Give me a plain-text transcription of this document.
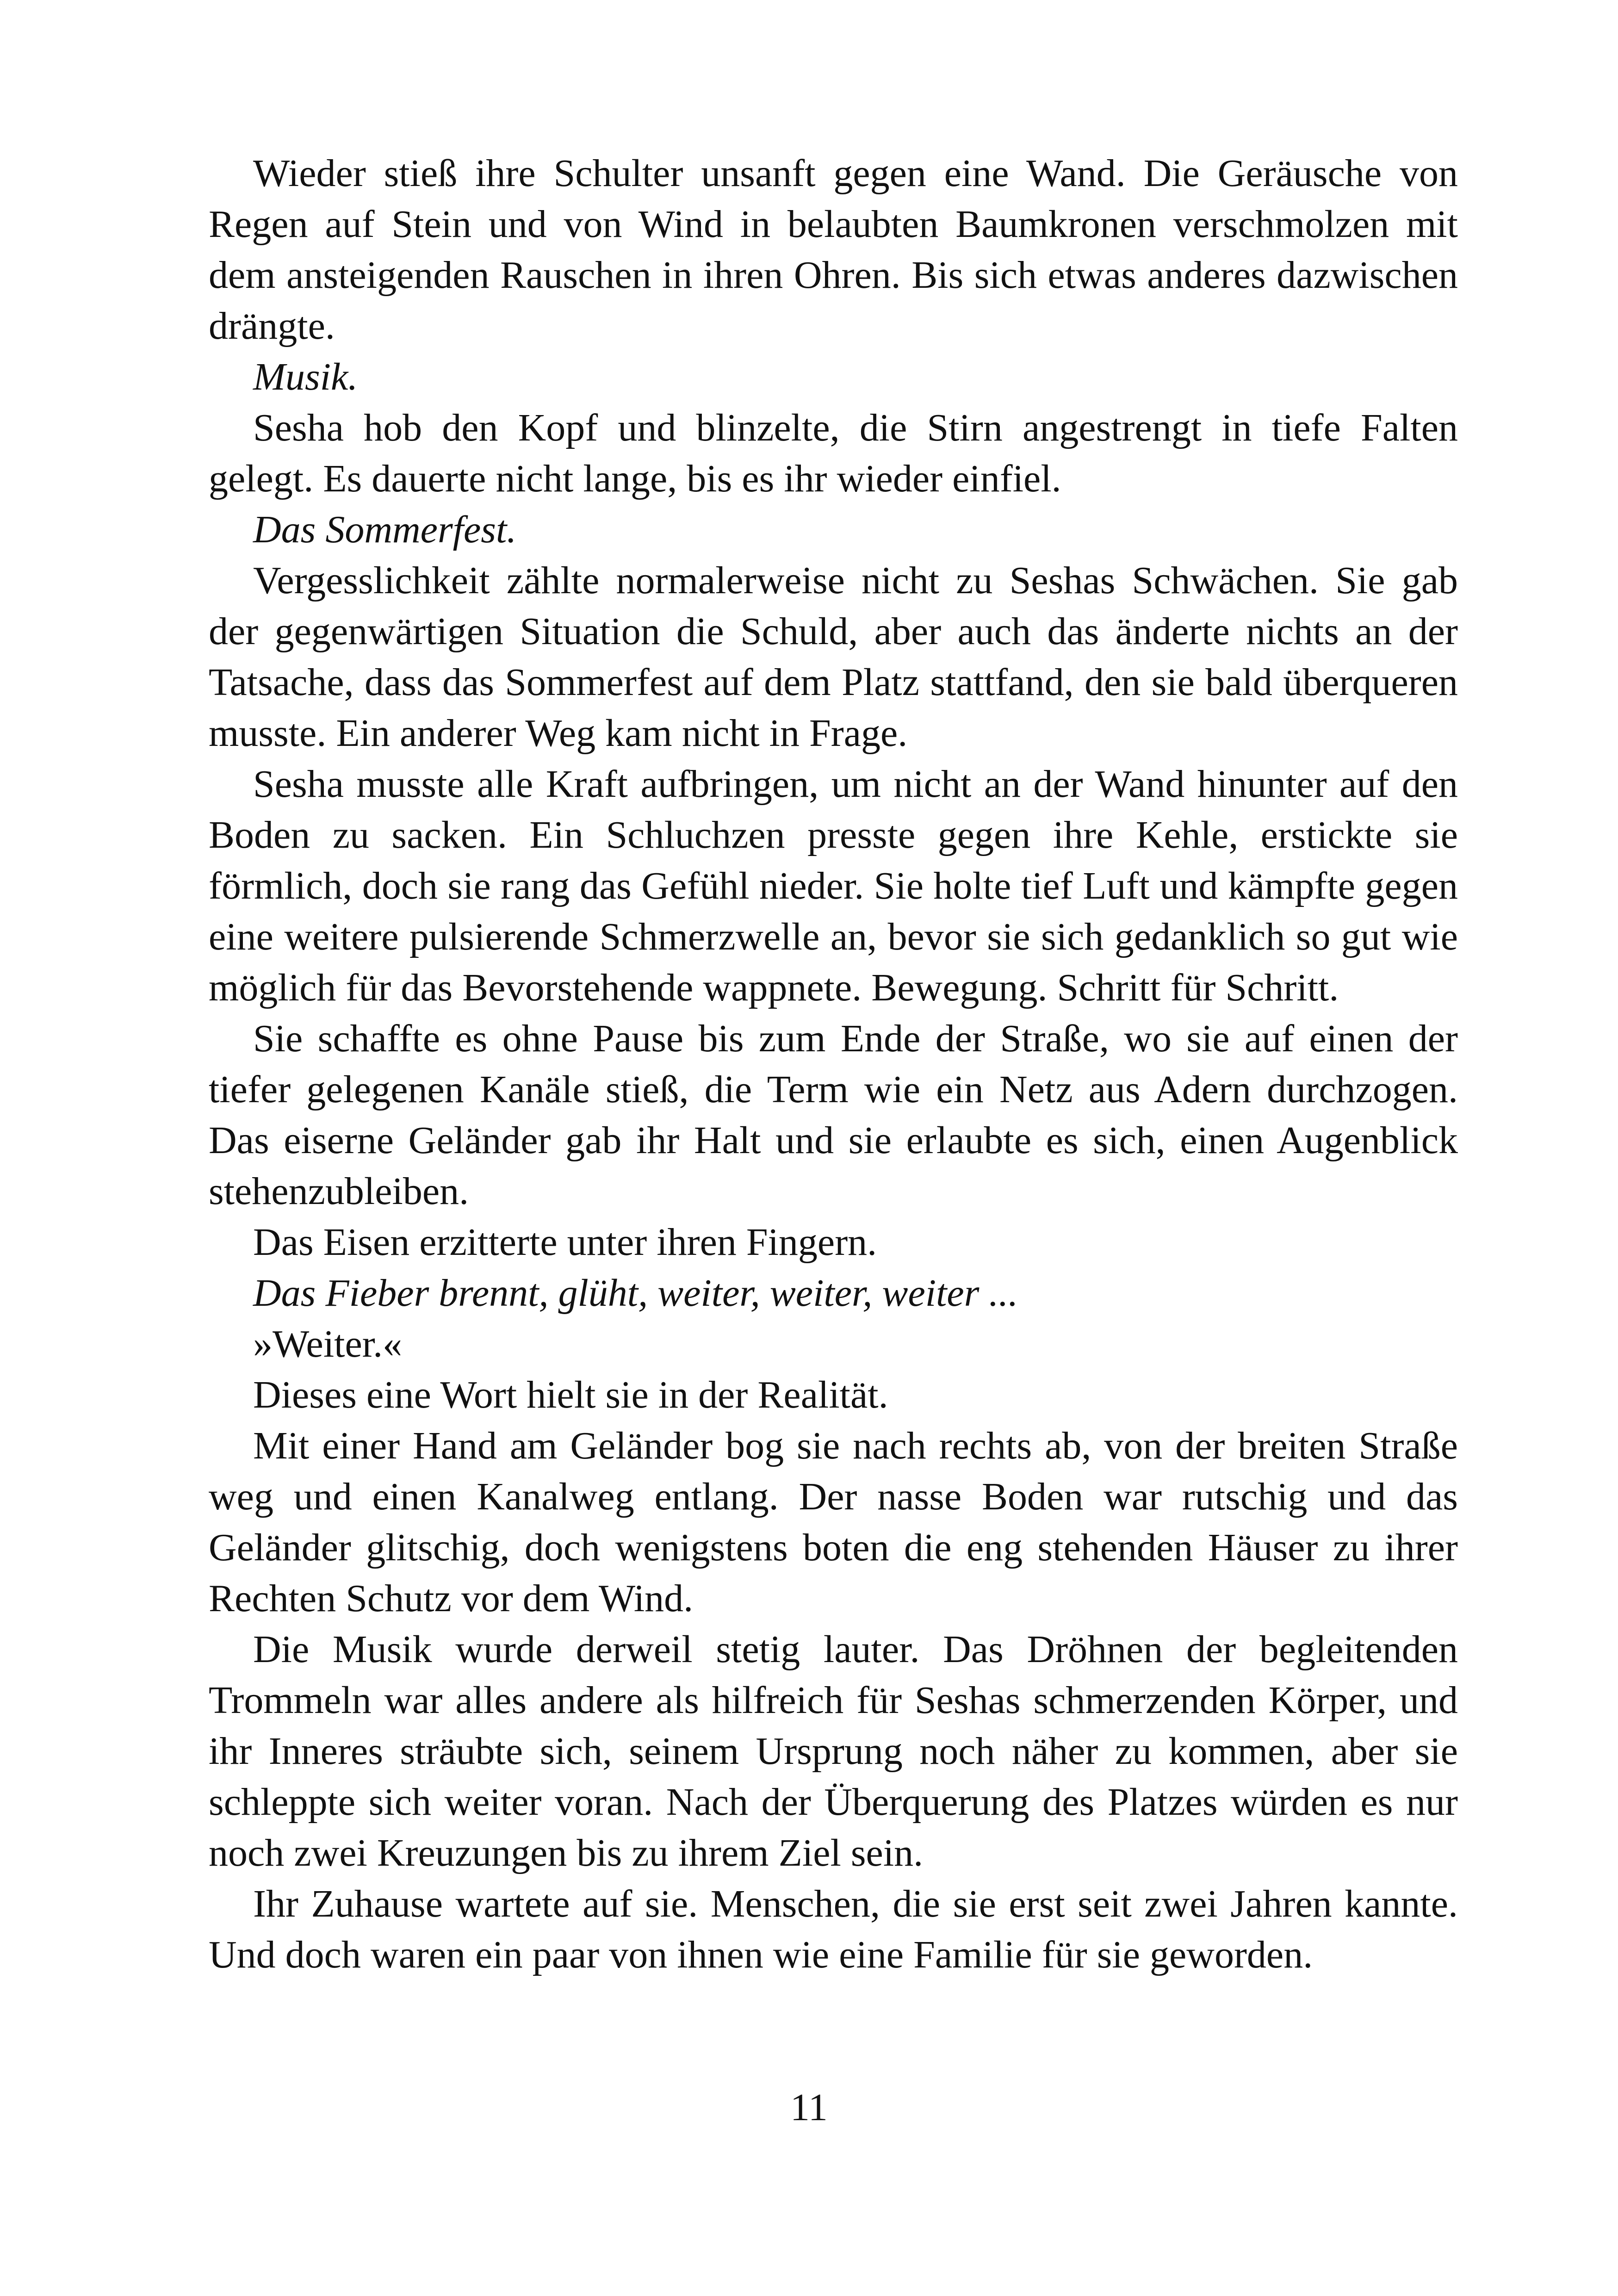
Wieder stieß ihre Schulter unsanft gegen eine Wand. Die Geräusche von Regen auf Stein und von Wind in belaubten Baumkronen verschmolzen mit dem ansteigenden Rauschen in ihren Ohren. Bis sich etwas anderes dazwischen drängte.

Musik.

Sesha hob den Kopf und blinzelte, die Stirn angestrengt in tiefe Falten gelegt. Es dauerte nicht lange, bis es ihr wieder einfiel.

Das Sommerfest.

Vergesslichkeit zählte normalerweise nicht zu Seshas Schwächen. Sie gab der gegenwärtigen Situation die Schuld, aber auch das änderte nichts an der Tatsache, dass das Sommerfest auf dem Platz stattfand, den sie bald überqueren musste. Ein anderer Weg kam nicht in Frage.

Sesha musste alle Kraft aufbringen, um nicht an der Wand hinunter auf den Boden zu sacken. Ein Schluchzen presste gegen ihre Kehle, erstickte sie förmlich, doch sie rang das Gefühl nieder. Sie holte tief Luft und kämpfte gegen eine weitere pulsierende Schmerzwelle an, bevor sie sich gedanklich so gut wie möglich für das Bevorstehende wappnete. Bewegung. Schritt für Schritt.

Sie schaffte es ohne Pause bis zum Ende der Straße, wo sie auf einen der tiefer gelegenen Kanäle stieß, die Term wie ein Netz aus Adern durchzogen. Das eiserne Geländer gab ihr Halt und sie erlaubte es sich, einen Augenblick stehenzubleiben.

Das Eisen erzitterte unter ihren Fingern.

Das Fieber brennt, glüht, weiter, weiter, weiter ...

»Weiter.«

Dieses eine Wort hielt sie in der Realität.

Mit einer Hand am Geländer bog sie nach rechts ab, von der breiten Straße weg und einen Kanalweg entlang. Der nasse Boden war rutschig und das Geländer glitschig, doch wenigstens boten die eng stehenden Häuser zu ihrer Rechten Schutz vor dem Wind.

Die Musik wurde derweil stetig lauter. Das Dröhnen der begleitenden Trommeln war alles andere als hilfreich für Seshas schmerzenden Körper, und ihr Inneres sträubte sich, seinem Ursprung noch näher zu kommen, aber sie schleppte sich weiter voran. Nach der Überquerung des Platzes würden es nur noch zwei Kreuzungen bis zu ihrem Ziel sein.

Ihr Zuhause wartete auf sie. Menschen, die sie erst seit zwei Jahren kannte. Und doch waren ein paar von ihnen wie eine Familie für sie geworden.

11
